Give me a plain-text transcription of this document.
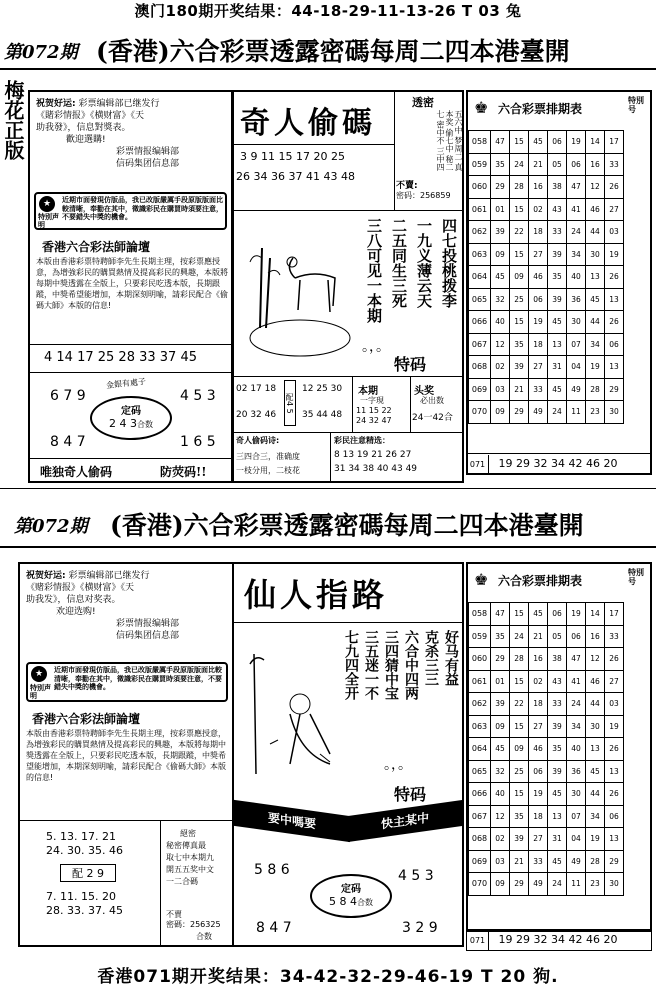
澳门180期开奖结果：44-18-29-11-13-26 T 03 兔
第072期 (香港)六合彩票透露密碼每周二四本港臺開
梅花正版 祝贺好运: 彩票编辑部已继发行
《賭彩情报》《横财富》《天
助我發》，信息對獎表。
歡迎選購!
彩票情报编辑部
信码集团信息部
★
特别声明
近期市面發現仿版品，我已改版嚴厲手段原版版面比較清晰，奉勸在其中，徵識彩民在購買時須要注意，不要錯失中獎的機會。
香港六合彩法師論壇
本版由香港彩票特聘師李先生長期主理，按彩票應授意，為增強彩民的購買熱情及提高彩民的興趣，本版將每期中獎透露在全版上，只要彩民吃透本版，長期跟蹤，中獎希望能增加，本期深刻明喻，請彩民配合《偷碼大師》本版的信息!
4 14 17 25 28 33 37 45
6 7 9	4 5 3
金銀有處子
定码
2 4 3合数
8 4 7	1 6 5
唯独奇人偷码	防荧码!!
奇人偷碼
3 9 11 15 17 20 25
26 34 36 37 41 43 48
透密
五六中 梦周二 真本奖 偷七中 秘二七 密中不 三中四
不賣:
密码：256859
四七投桃拨李
一九义薄云天
二五同生三死
三八可见一本期
。，。
特码
02 17 18
20 32 46
配4 5
12 25 30
35 44 48
本期
一字現
11 15 22
24 32 47
头奖
必出数
24一42合
奇人偷码诗:
三四合三，准确度
一枝分用，二枝花
彩民注意精选：
8 13 19 21 26 27
31 34 38 40 43 49
♚ 六合彩票排期表
特別号
058	47	15	45	06	19	14	17
059	35	24	21	05	06	16	33
060	29	28	16	38	47	12	26
061	01	15	02	43	41	46	27
062	39	22	18	33	24	44	03
063	09	15	27	39	34	30	19
064	45	09	46	35	40	13	26
065	32	25	06	39	36	45	13
066	40	15	19	45	30	44	26
067	12	35	18	13	07	34	06
068	02	39	27	31	04	19	13
069	03	21	33	45	49	28	29
070	09	29	49	24	11	23	30
071 19 29 32 34 42 46 20
第072期 (香港)六合彩票透露密碼每周二四本港臺開
祝贺好运: 彩票编辑部已继发行
《赌彩情报》《横财富》《天
助我发》，信息对奖表。
欢迎选购!
彩票情报编辑部
信码集团信息部
★
特别声明
近期市面發現仿版品，我已改版嚴厲手段原版版面比較清晰，奉勸在其中，徵識彩民在購買時須要注意，不要錯失中獎的機會。
香港六合彩法師論壇
本版由香港彩票特聘師李先生長期主理，按彩票應授意，為增強彩民的購買熱情及提高彩民的興趣，本版將每期中獎透露在全版上，只要彩民吃透本版，長期跟蹤，中獎希望能增加，本期深刻明喻，請彩民配合《偷碼大師》本版的信息!
5. 13. 17. 21
24. 30. 35. 46
配 2 9
7. 11. 15. 20
28. 33. 37. 45
絕密
秘密傳真最
取七中本期九
開五五奖中文
一二合碼
不賣
密碼：256325
合数
仙人指路
好马有益
克杀三三
六合中四两
三四猜中宝
三五迷一不
七九四全开
。，。
特码
要中嗎要	快主某中
5 8 6	4 5 3
定码
5 8 4合数
8 4 7	3 2 9
♚ 六合彩票排期表
特別号
058	47	15	45	06	19	14	17
059	35	24	21	05	06	16	33
060	29	28	16	38	47	12	26
061	01	15	02	43	41	46	27
062	39	22	18	33	24	44	03
063	09	15	27	39	34	30	19
064	45	09	46	35	40	13	26
065	32	25	06	39	36	45	13
066	40	15	19	45	30	44	26
067	12	35	18	13	07	34	06
068	02	39	27	31	04	19	13
069	03	21	33	45	49	28	29
070	09	29	49	24	11	23	30
071 19 29 32 34 42 46 20
香港071期开奖结果：34-42-32-29-46-19 T 20 狗.
